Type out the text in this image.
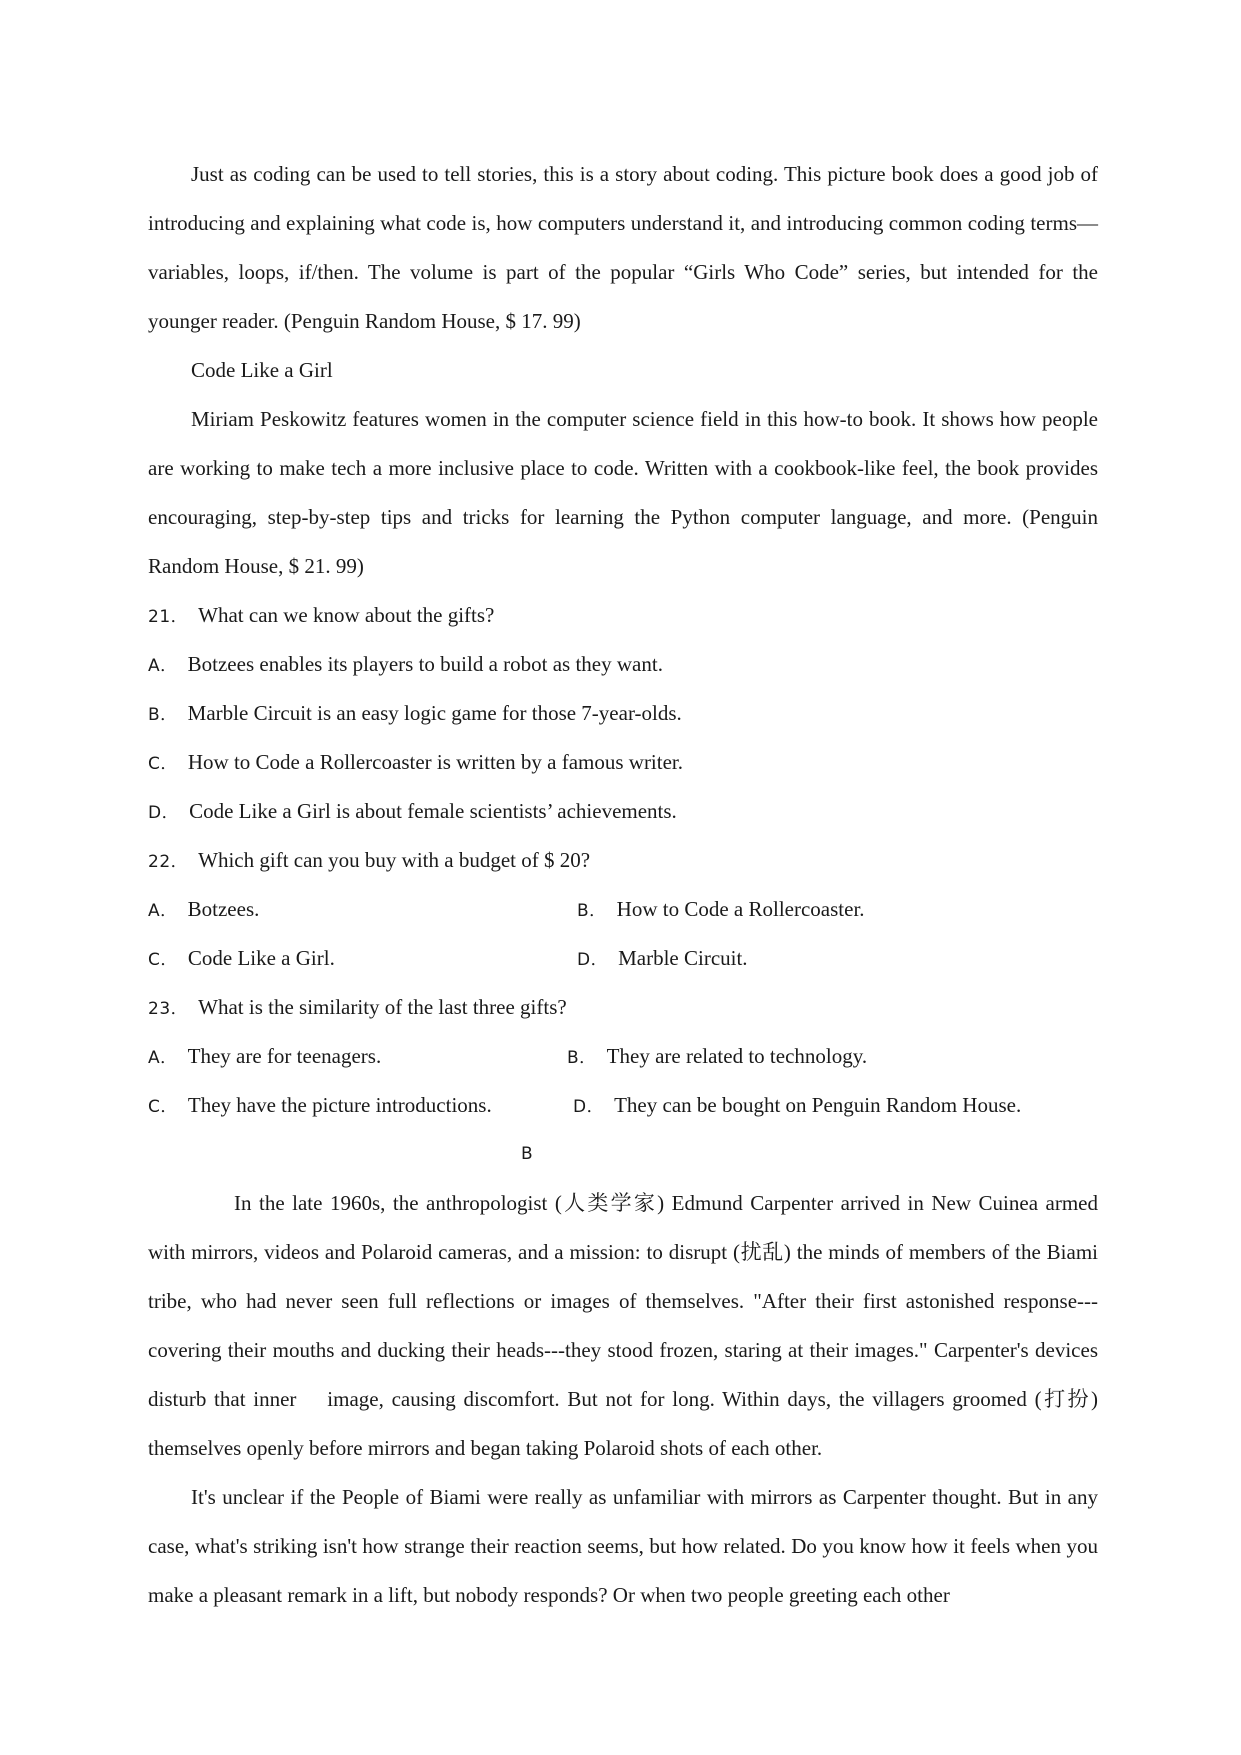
Just as coding can be used to tell stories, this is a story about coding. This picture book does a good job of introducing and explaining what code is, how computers understand it, and introducing common coding terms—variables, loops, if/then. The volume is part of the popular “Girls Who Code” series, but intended for the younger reader. (Penguin Random House, $ 17. 99)

Code Like a Girl

Miriam Peskowitz features women in the computer science field in this how-to book. It shows how people are working to make tech a more inclusive place to code. Written with a cookbook-like feel, the book provides encouraging, step-by-step tips and tricks for learning the Python computer language, and more. (Penguin Random House, $ 21. 99)

21． What can we know about the gifts?
A． Botzees enables its players to build a robot as they want.
B． Marble Circuit is an easy logic game for those 7-year-olds.
C． How to Code a Rollercoaster is written by a famous writer.
D． Code Like a Girl is about female scientists’ achievements.
22． Which gift can you buy with a budget of $ 20?
A． Botzees.	B． How to Code a Rollercoaster.
C． Code Like a Girl.	D． Marble Circuit.
23． What is the similarity of the last three gifts?
A． They are for teenagers.	B． They are related to technology.
C． They have the picture introductions.	D． They can be bought on Penguin Random House.
B

In the late 1960s, the anthropologist (人类学家) Edmund Carpenter arrived in New Cuinea armed with mirrors, videos and Polaroid cameras, and a mission: to disrupt (扰乱) the minds of members of the Biami tribe, who had never seen full reflections or images of themselves. "After their first astonished response---covering their mouths and ducking their heads---they stood frozen, staring at their images." Carpenter's devices disturb that inner    image, causing discomfort. But not for long. Within days, the villagers groomed (打扮) themselves openly before mirrors and began taking Polaroid shots of each other.

It's unclear if the People of Biami were really as unfamiliar with mirrors as Carpenter thought. But in any case, what's striking isn't how strange their reaction seems, but how related. Do you know how it feels when you make a pleasant remark in a lift, but nobody responds? Or when two people greeting each other
